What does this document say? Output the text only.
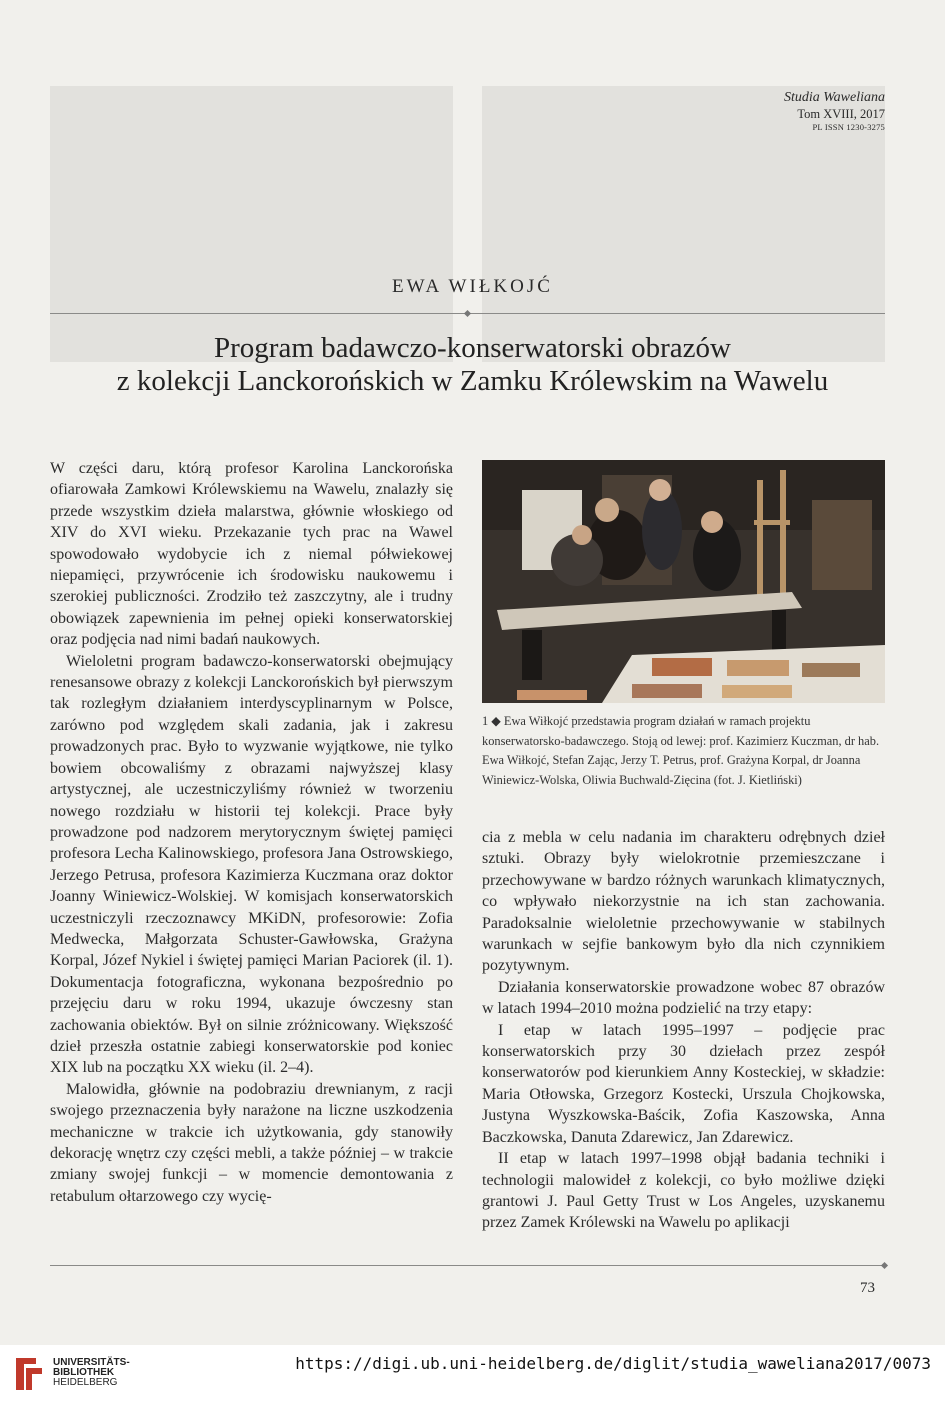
Studia Waweliana
Tom XVIII, 2017
PL ISSN 1230-3275
EWA WIŁKOJĆ
Program badawczo-konserwatorski obrazów
z kolekcji Lanckorońskich w Zamku Królewskim na Wawelu

W części daru, którą profesor Karolina Lanckorońska ofiarowała Zamkowi Królewskiemu na Wawelu, znalazły się przede wszystkim dzieła malarstwa, głównie włoskiego od XIV do XVI wieku. Przekazanie tych prac na Wawel spowodowało wydobycie ich z niemal półwiekowej niepamięci, przywrócenie ich środowisku naukowemu i szerokiej publiczności. Zrodziło też zaszczytny, ale i trudny obowiązek zapewnienia im pełnej opieki konserwatorskiej oraz podjęcia nad nimi badań naukowych.

Wieloletni program badawczo-konserwatorski obejmujący renesansowe obrazy z kolekcji Lanckorońskich był pierwszym tak rozległym działaniem interdyscyplinarnym w Polsce, zarówno pod względem skali zadania, jak i zakresu prowadzonych prac. Było to wyzwanie wyjątkowe, nie tylko bowiem obcowaliśmy z obrazami najwyższej klasy artystycznej, ale uczestniczyliśmy również w tworzeniu nowego rozdziału w historii tej kolekcji. Prace były prowadzone pod nadzorem merytorycznym świętej pamięci profesora Lecha Kalinowskiego, profesora Jana Ostrowskiego, Jerzego Petrusa, profesora Kazimierza Kuczmana oraz doktor Joanny Winiewicz-Wolskiej. W komisjach konserwatorskich uczestniczyli rzeczoznawcy MKiDN, profesorowie: Zofia Medwecka, Małgorzata Schuster-Gawłowska, Grażyna Korpal, Józef Nykiel i świętej pamięci Marian Paciorek (il. 1). Dokumentacja fotograficzna, wykonana bezpośrednio po przejęciu daru w roku 1994, ukazuje ówczesny stan zachowania obiektów. Był on silnie zróżnicowany. Większość dzieł przeszła ostatnie zabiegi konserwatorskie pod koniec XIX lub na początku XX wieku (il. 2–4).

Malowidła, głównie na podobraziu drewnianym, z racji swojego przeznaczenia były narażone na liczne uszkodzenia mechaniczne w trakcie ich użytkowania, gdy stanowiły dekorację wnętrz czy części mebli, a także później – w trakcie zmiany swojej funkcji – w momencie demontowania z retabulum ołtarzowego czy wycię-

1 ◆ Ewa Wiłkojć przedstawia program działań w ramach projektu konserwatorsko-badawczego. Stoją od lewej: prof. Kazimierz Kuczman, dr hab. Ewa Wiłkojć, Stefan Zając, Jerzy T. Petrus, prof. Grażyna Korpal, dr Joanna Winiewicz-Wolska, Oliwia Buchwald-Zięcina (fot. J. Kietliński)

cia z mebla w celu nadania im charakteru odrębnych dzieł sztuki. Obrazy były wielokrotnie przemieszczane i przechowywane w bardzo różnych warunkach klimatycznych, co wpływało niekorzystnie na ich stan zachowania. Paradoksalnie wieloletnie przechowywanie w stabilnych warunkach w sejfie bankowym było dla nich czynnikiem pozytywnym.

Działania konserwatorskie prowadzone wobec 87 obrazów w latach 1994–2010 można podzielić na trzy etapy:

I etap w latach 1995–1997 – podjęcie prac konserwatorskich przy 30 dziełach przez zespół konserwatorów pod kierunkiem Anny Kosteckiej, w składzie: Maria Otłowska, Grzegorz Kostecki, Urszula Chojkowska, Justyna Wyszkowska-Baścik, Zofia Kaszowska, Anna Baczkowska, Danuta Zdarewicz, Jan Zdarewicz.

II etap w latach 1997–1998 objął badania techniki i technologii malowideł z kolekcji, co było możliwe dzięki grantowi J. Paul Getty Trust w Los Angeles, uzyskanemu przez Zamek Królewski na Wawelu po aplikacji

73
UNIVERSITÄTS-
BIBLIOTHEK
HEIDELBERG
https://digi.ub.uni-heidelberg.de/diglit/studia_waweliana2017/0073
